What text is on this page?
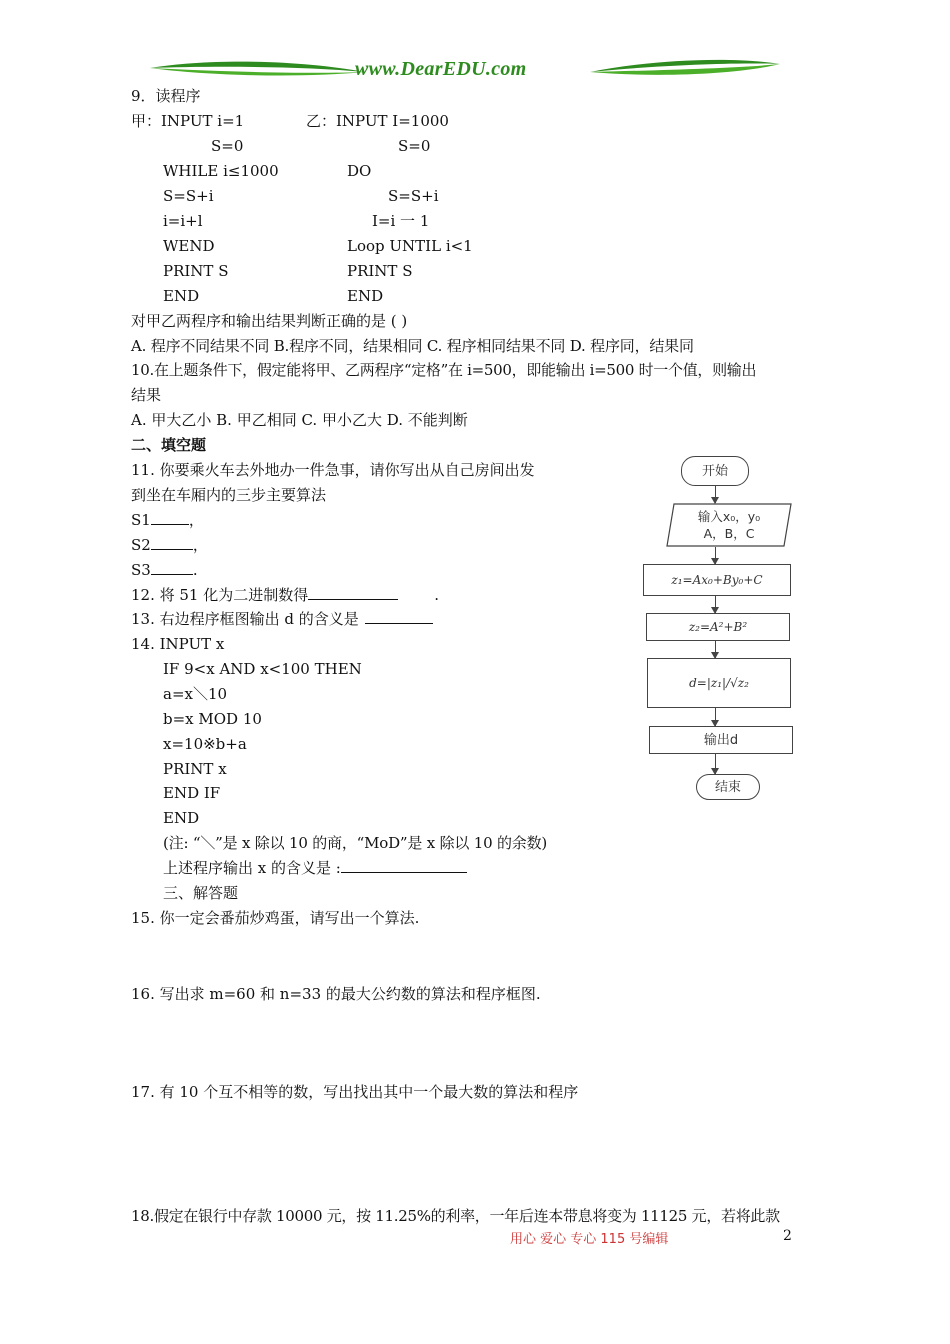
www.DearEDU.com
9．读程序
甲：INPUT i=1	乙：INPUT I=1000
S=0	S=0
WHILE i≤1000	DO
S=S+i	S=S+i
i=i+l	I=i 一 1
WEND	Loop UNTIL i<1
PRINT S	PRINT S
END	END
对甲乙两程序和输出结果判断正确的是 ( )
A. 程序不同结果不同 B.程序不同，结果相同 C. 程序相同结果不同 D. 程序同，结果同
10.在上题条件下，假定能将甲、乙两程序“定格”在 i=500，即能输出 i=500 时一个值，则输出
结果
A. 甲大乙小 B. 甲乙相同 C. 甲小乙大 D. 不能判断
二、填空题
11. 你要乘火车去外地办一件急事，请你写出从自己房间出发
到坐在车厢内的三步主要算法
S1	，
S2	，
S3	.
12. 将 51 化为二进制数得	.
13. 右边程序框图输出 d 的含义是
14. INPUT x
IF 9<x AND x<100 THEN
a=x＼10
b=x MOD 10
x=10※b+a
PRINT x
END IF
END
(注: “＼”是 x 除以 10 的商，“MoD”是 x 除以 10 的余数)
上述程序输出 x 的含义是 :
三、解答题
15. 你一定会番茄炒鸡蛋，请写出一个算法.
16. 写出求 m=60 和 n=33 的最大公约数的算法和程序框图.
17. 有 10 个互不相等的数，写出找出其中一个最大数的算法和程序
18.假定在银行中存款 10000 元，按 11.25%的利率，一年后连本带息将变为 11125 元，若将此款
开始
输入x₀，y₀
A，B，C
z₁=Ax₀+By₀+C
z₂=A²+B²
d=|z₁|/√z₂
输出d
结束
用心 爱心 专心 115 号编辑	2
